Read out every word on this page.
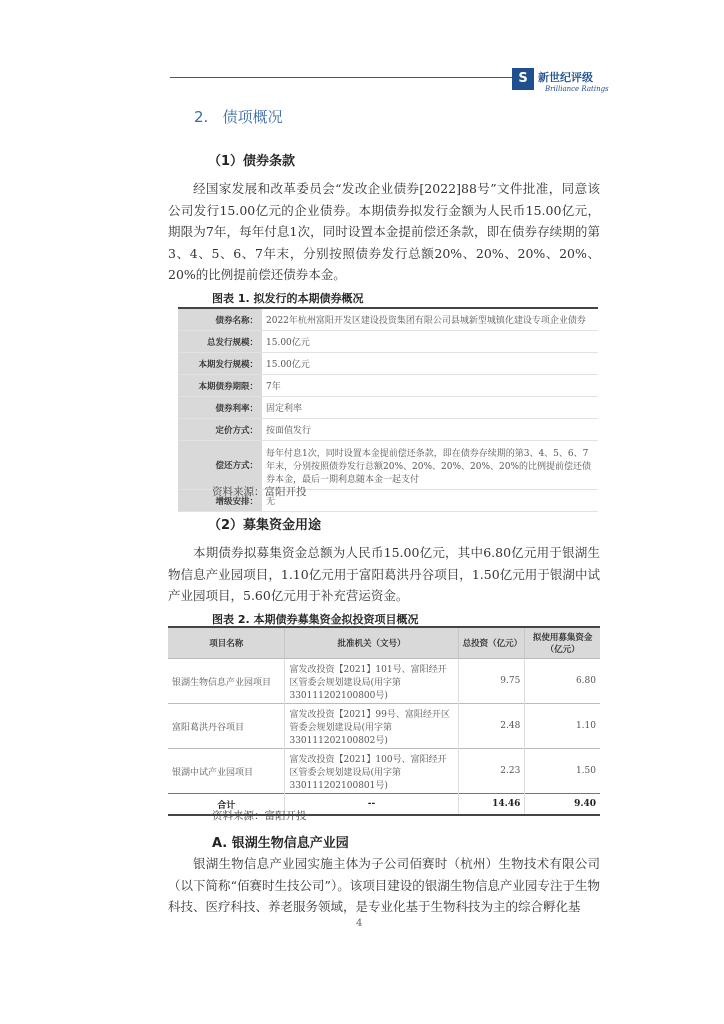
S 新世纪评级
Brilliance Ratings
2. 债项概况
（1）债券条款
经国家发展和改革委员会“发改企业债券[2022]88号”文件批准，同意该公司发行15.00亿元的企业债券。本期债券拟发行金额为人民币15.00亿元，期限为7年，每年付息1次，同时设置本金提前偿还条款，即在债券存续期的第3、4、5、6、7年末，分别按照债券发行总额20%、20%、20%、20%、20%的比例提前偿还债券本金。
图表 1. 拟发行的本期债券概况
债券名称：	2022年杭州富阳开发区建设投资集团有限公司县城新型城镇化建设专项企业债券
总发行规模：	15.00亿元
本期发行规模：	15.00亿元
本期债券期限：	7年
债券利率：	固定利率
定价方式：	按面值发行
偿还方式：	每年付息1次，同时设置本金提前偿还条款，即在债券存续期的第3、4、5、6、7年末，分别按照债券发行总额20%、20%、20%、20%、20%的比例提前偿还债券本金，最后一期利息随本金一起支付
增级安排：	无
资料来源：富阳开投
（2）募集资金用途
本期债券拟募集资金总额为人民币15.00亿元，其中6.80亿元用于银湖生物信息产业园项目，1.10亿元用于富阳葛洪丹谷项目，1.50亿元用于银湖中试产业园项目，5.60亿元用于补充营运资金。
图表 2. 本期债券募集资金拟投资项目概况
项目名称	批准机关（文号）	总投资（亿元）	拟使用募集资金（亿元）
银湖生物信息产业园项目	富发改投资【2021】101号、富阳经开区管委会规划建设局(用字第330111202100800号)	9.75	6.80
富阳葛洪丹谷项目	富发改投资【2021】99号、富阳经开区管委会规划建设局(用字第330111202100802号)	2.48	1.10
银湖中试产业园项目	富发改投资【2021】100号、富阳经开区管委会规划建设局(用字第330111202100801号)	2.23	1.50
合计	--	14.46	9.40
资料来源：富阳开投
A. 银湖生物信息产业园
银湖生物信息产业园实施主体为子公司佰赛时（杭州）生物技术有限公司（以下简称“佰赛时生技公司”）。该项目建设的银湖生物信息产业园专注于生物科技、医疗科技、养老服务领域，是专业化基于生物科技为主的综合孵化基
4
